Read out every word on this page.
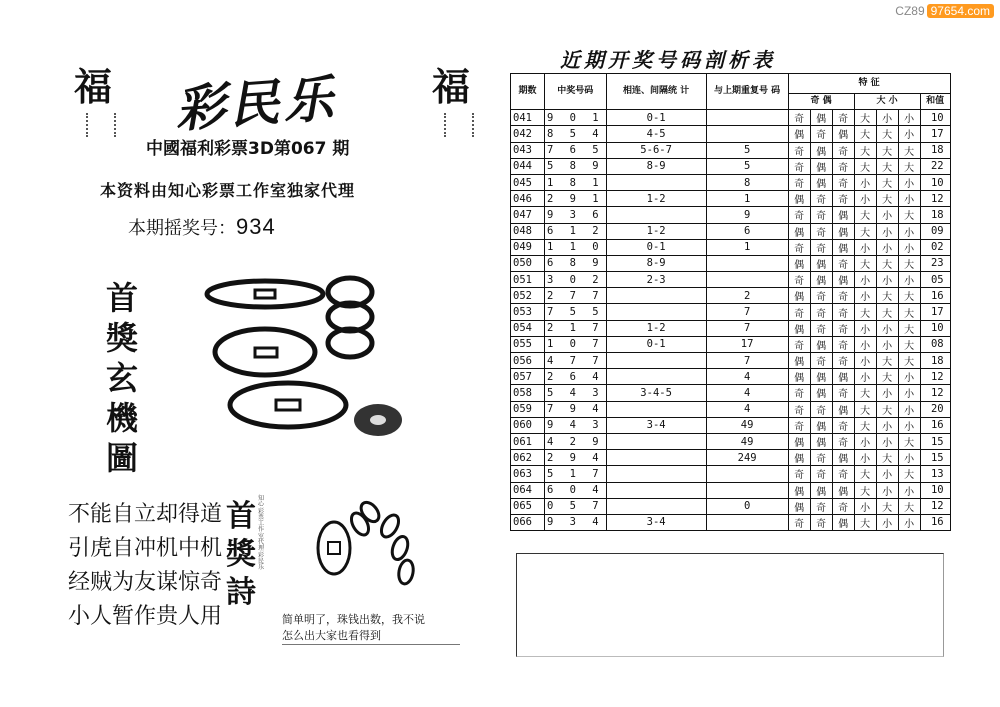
CZ89 97654.com
福	福
彩民乐
中國福利彩票3D第067 期
本资料由知心彩票工作室独家代理
本期摇奖号：934
首
獎
玄
機
圖
不能自立却得道
引虎自冲机中机
经贼为友谋惊奇
小人暂作贵人用
首
獎
詩
知心彩票工作室代理彩民乐
简单明了，珠钱出数，我不说
怎么出大家也看得到
近期开奖号码剖析表
期数	中奖号码	相连、间隔统 计	与上期重复号 码	特 征						
				奇 偶			大 小			和值
041	9 0 1	0-1		奇	偶	奇	大	小	小	10
042	8 5 4	4-5		偶	奇	偶	大	大	小	17
043	7 6 5	5-6-7	5	奇	偶	奇	大	大	大	18
044	5 8 9	8-9	5	奇	偶	奇	大	大	大	22
045	1 8 1		8	奇	偶	奇	小	大	小	10
046	2 9 1	1-2	1	偶	奇	奇	小	大	小	12
047	9 3 6		9	奇	奇	偶	大	小	大	18
048	6 1 2	1-2	6	偶	奇	偶	大	小	小	09
049	1 1 0	0-1	1	奇	奇	偶	小	小	小	02
050	6 8 9	8-9		偶	偶	奇	大	大	大	23
051	3 0 2	2-3		奇	偶	偶	小	小	小	05
052	2 7 7		2	偶	奇	奇	小	大	大	16
053	7 5 5		7	奇	奇	奇	大	大	大	17
054	2 1 7	1-2	7	偶	奇	奇	小	小	大	10
055	1 0 7	0-1	17	奇	偶	奇	小	小	大	08
056	4 7 7		7	偶	奇	奇	小	大	大	18
057	2 6 4		4	偶	偶	偶	小	大	小	12
058	5 4 3	3-4-5	4	奇	偶	奇	大	小	小	12
059	7 9 4		4	奇	奇	偶	大	大	小	20
060	9 4 3	3-4	49	奇	偶	奇	大	小	小	16
061	4 2 9		49	偶	偶	奇	小	小	大	15
062	2 9 4		249	偶	奇	偶	小	大	小	15
063	5 1 7			奇	奇	奇	大	小	大	13
064	6 0 4			偶	偶	偶	大	小	小	10
065	0 5 7		0	偶	奇	奇	小	大	大	12
066	9 3 4	3-4		奇	奇	偶	大	小	小	16
